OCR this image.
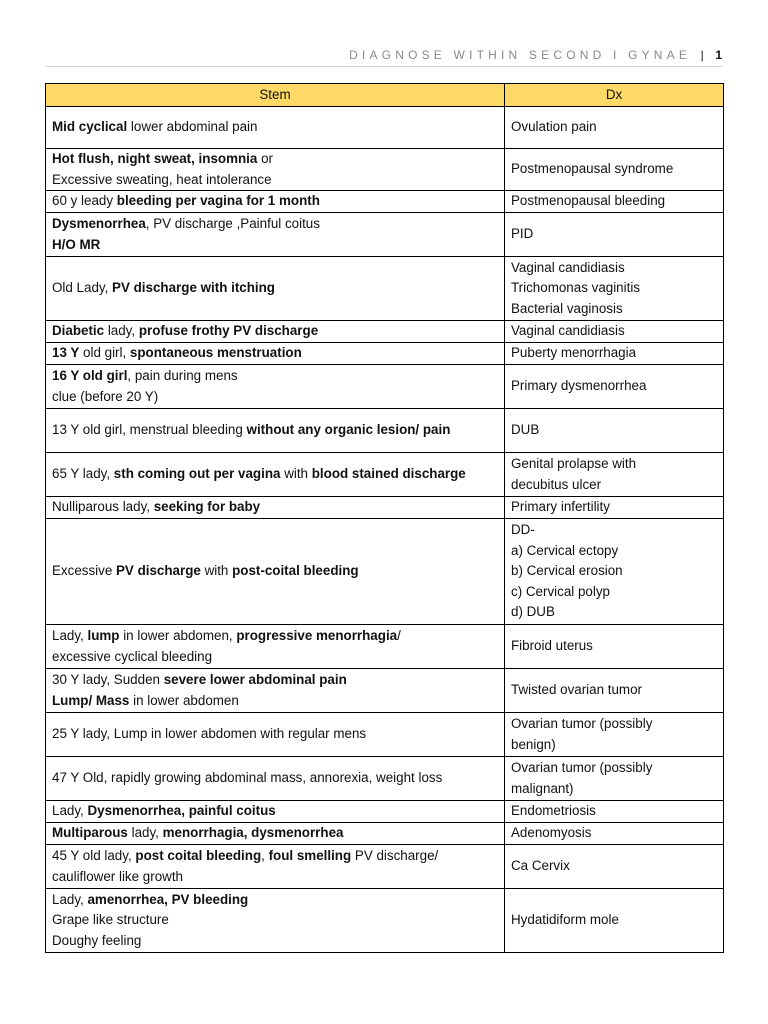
DIAGNOSE WITHIN SECOND I GYNAE | 1
Stem	Dx

Mid cyclical lower abdominal pain	Ovulation pain

Hot flush, night sweat, insomnia or
Excessive sweating, heat intolerance	Postmenopausal syndrome

60 y leady bleeding per vagina for 1 month	Postmenopausal bleeding

Dysmenorrhea, PV discharge ,Painful coitus
H/O MR	PID

Old Lady, PV discharge with itching	Vaginal candidiasis
Trichomonas vaginitis
Bacterial vaginosis

Diabetic lady, profuse frothy PV discharge	Vaginal candidiasis

13 Y old girl, spontaneous menstruation	Puberty menorrhagia

16 Y old girl, pain during mens
clue (before 20 Y)	Primary dysmenorrhea

13 Y old girl, menstrual bleeding without any organic lesion/ pain	DUB

65 Y lady, sth coming out per vagina with blood stained discharge	Genital prolapse with
decubitus ulcer

Nulliparous lady, seeking for baby	Primary infertility

Excessive PV discharge with post-coital bleeding	DD-
a) Cervical ectopy
b) Cervical erosion
c) Cervical polyp
d) DUB

Lady, lump in lower abdomen, progressive menorrhagia/
excessive cyclical bleeding	Fibroid uterus

30 Y lady, Sudden severe lower abdominal pain
Lump/ Mass in lower abdomen	Twisted ovarian tumor

25 Y lady, Lump in lower abdomen with regular mens	Ovarian tumor (possibly
benign)

47 Y Old, rapidly growing abdominal mass, annorexia, weight loss	Ovarian tumor (possibly
malignant)

Lady, Dysmenorrhea, painful coitus	Endometriosis

Multiparous lady, menorrhagia, dysmenorrhea	Adenomyosis

45 Y old lady, post coital bleeding, foul smelling PV discharge/
cauliflower like growth	Ca Cervix

Lady, amenorrhea, PV bleeding
Grape like structure
Doughy feeling	Hydatidiform mole
